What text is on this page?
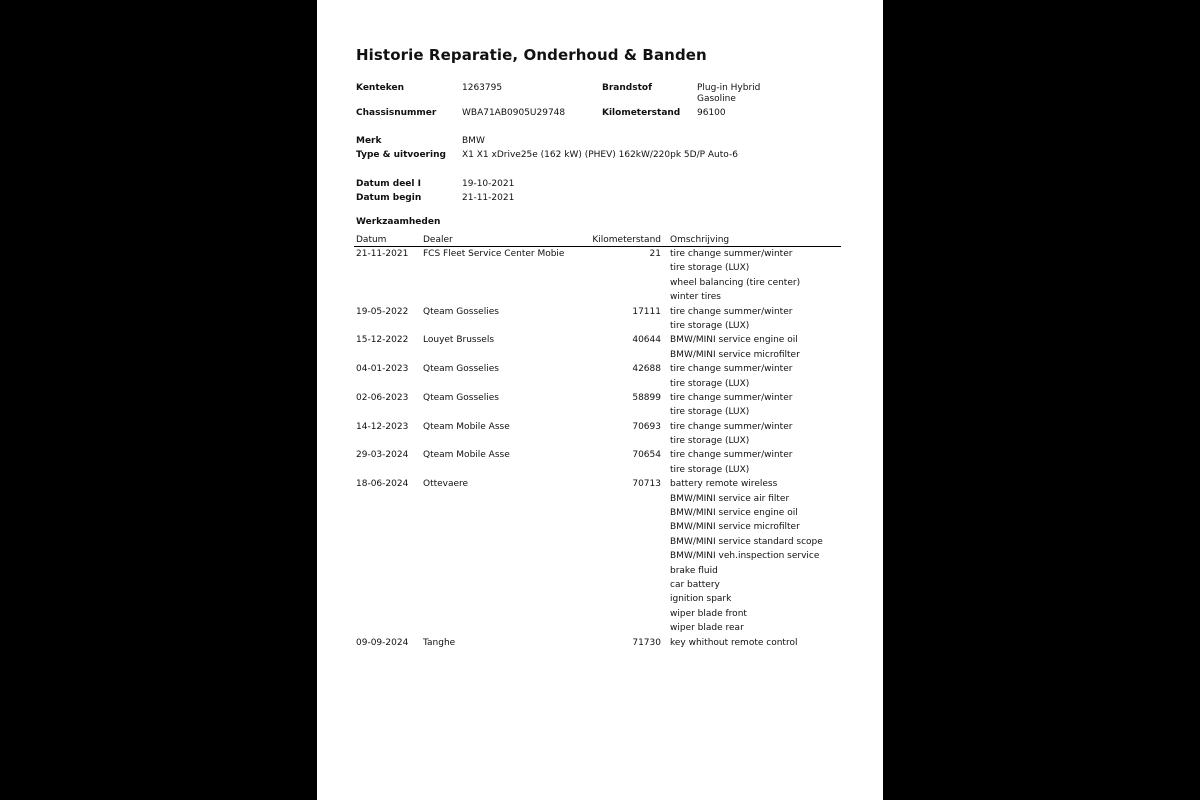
Historie Reparatie, Onderhoud & Banden
Kenteken	1263795	Brandstof	Plug-in Hybrid
Gasoline
Chassisnummer	WBA71AB0905U29748	Kilometerstand 96100
Merk	BMW
Type & uitvoering X1 X1 xDrive25e (162 kW) (PHEV) 162kW/220pk 5D/P Auto-6
Datum deel I	19-10-2021
Datum begin	21-11-2021
Werkzaamheden
Datum	Dealer	Kilometerstand Omschrijving
21-11-2021 FCS Fleet Service Center Mobie	21 tire change summer/winter
tire storage (LUX)
wheel balancing (tire center)
winter tires
19-05-2022 Qteam Gosselies	17111 tire change summer/winter
tire storage (LUX)
15-12-2022 Louyet Brussels	40644 BMW/MINI service engine oil
BMW/MINI service microfilter
04-01-2023 Qteam Gosselies	42688 tire change summer/winter
tire storage (LUX)
02-06-2023 Qteam Gosselies	58899 tire change summer/winter
tire storage (LUX)
14-12-2023 Qteam Mobile Asse	70693 tire change summer/winter
tire storage (LUX)
29-03-2024 Qteam Mobile Asse	70654 tire change summer/winter
tire storage (LUX)
18-06-2024 Ottevaere	70713 battery remote wireless
BMW/MINI service air filter
BMW/MINI service engine oil
BMW/MINI service microfilter
BMW/MINI service standard scope
BMW/MINI veh.inspection service
brake fluid
car battery
ignition spark
wiper blade front
wiper blade rear
09-09-2024 Tanghe	71730 key whithout remote control
